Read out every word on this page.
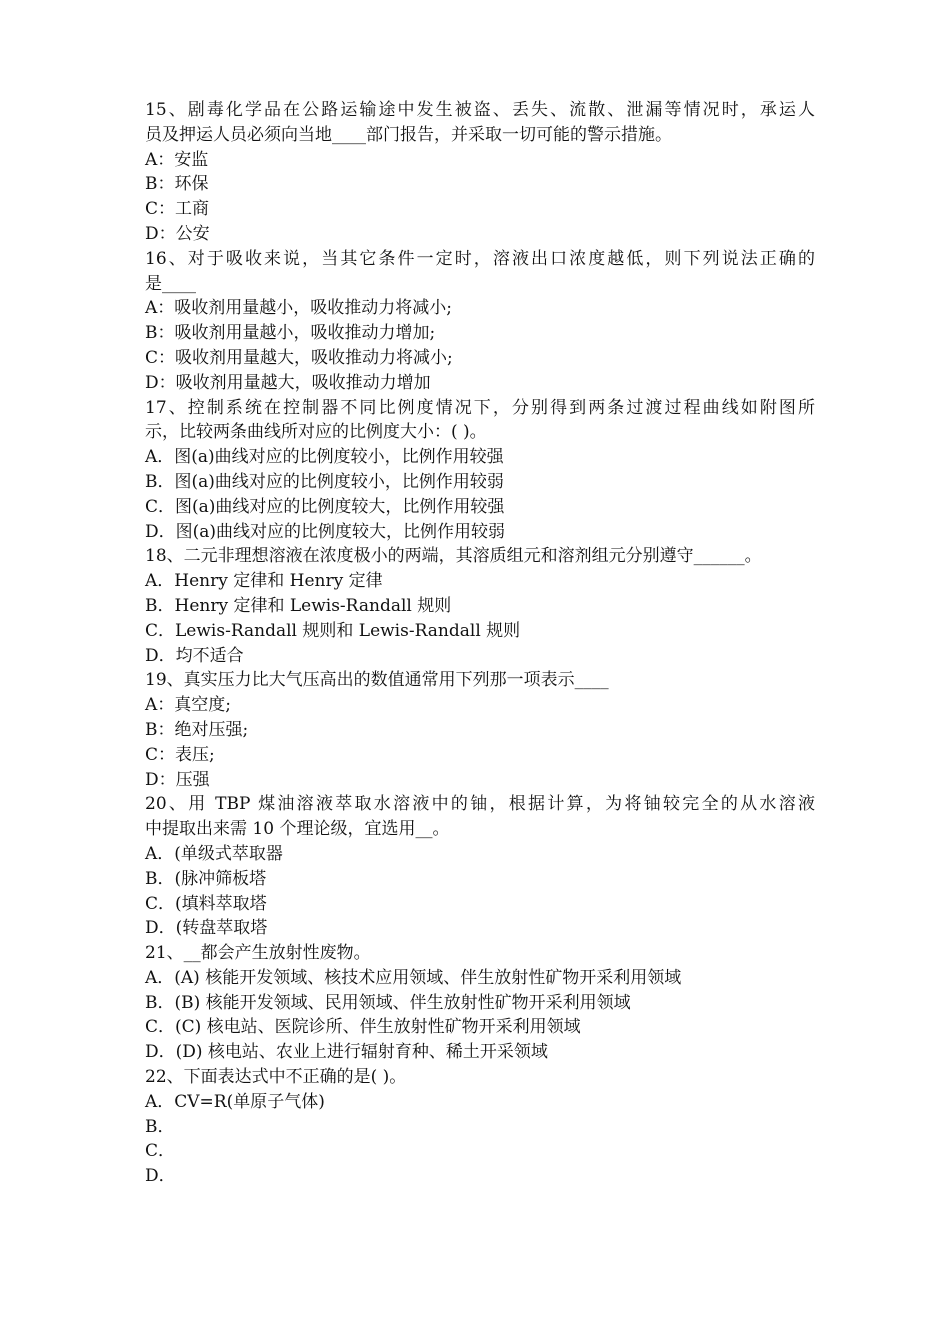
15、剧毒化学品在公路运输途中发生被盗、丢失、流散、泄漏等情况时，承运人
员及押运人员必须向当地____部门报告，并采取一切可能的警示措施。
A：安监
B：环保
C：工商
D：公安
16、对于吸收来说，当其它条件一定时，溶液出口浓度越低，则下列说法正确的
是____
A：吸收剂用量越小，吸收推动力将减小;
B：吸收剂用量越小，吸收推动力增加;
C：吸收剂用量越大，吸收推动力将减小;
D：吸收剂用量越大，吸收推动力增加
17、控制系统在控制器不同比例度情况下，分别得到两条过渡过程曲线如附图所
示，比较两条曲线所对应的比例度大小：( )。
A．图(a)曲线对应的比例度较小，比例作用较强
B．图(a)曲线对应的比例度较小，比例作用较弱
C．图(a)曲线对应的比例度较大，比例作用较强
D．图(a)曲线对应的比例度较大，比例作用较弱
18、二元非理想溶液在浓度极小的两端，其溶质组元和溶剂组元分别遵守______。
A．Henry 定律和 Henry 定律
B．Henry 定律和 Lewis-Randall 规则
C．Lewis-Randall 规则和 Lewis-Randall 规则
D．均不适合
19、真实压力比大气压高出的数值通常用下列那一项表示____
A：真空度;
B：绝对压强;
C：表压;
D：压强
20、用 TBP 煤油溶液萃取水溶液中的铀，根据计算，为将铀较完全的从水溶液
中提取出来需 10 个理论级，宜选用__。
A．(单级式萃取器
B．(脉冲筛板塔
C．(填料萃取塔
D．(转盘萃取塔
21、__都会产生放射性废物。
A．(A) 核能开发领域、核技术应用领域、伴生放射性矿物开采利用领域
B．(B) 核能开发领域、民用领域、伴生放射性矿物开采利用领域
C．(C) 核电站、医院诊所、伴生放射性矿物开采利用领域
D．(D) 核电站、农业上进行辐射育种、稀土开采领域
22、下面表达式中不正确的是( )。
A．CV=R(单原子气体)
B．
C．
D．
